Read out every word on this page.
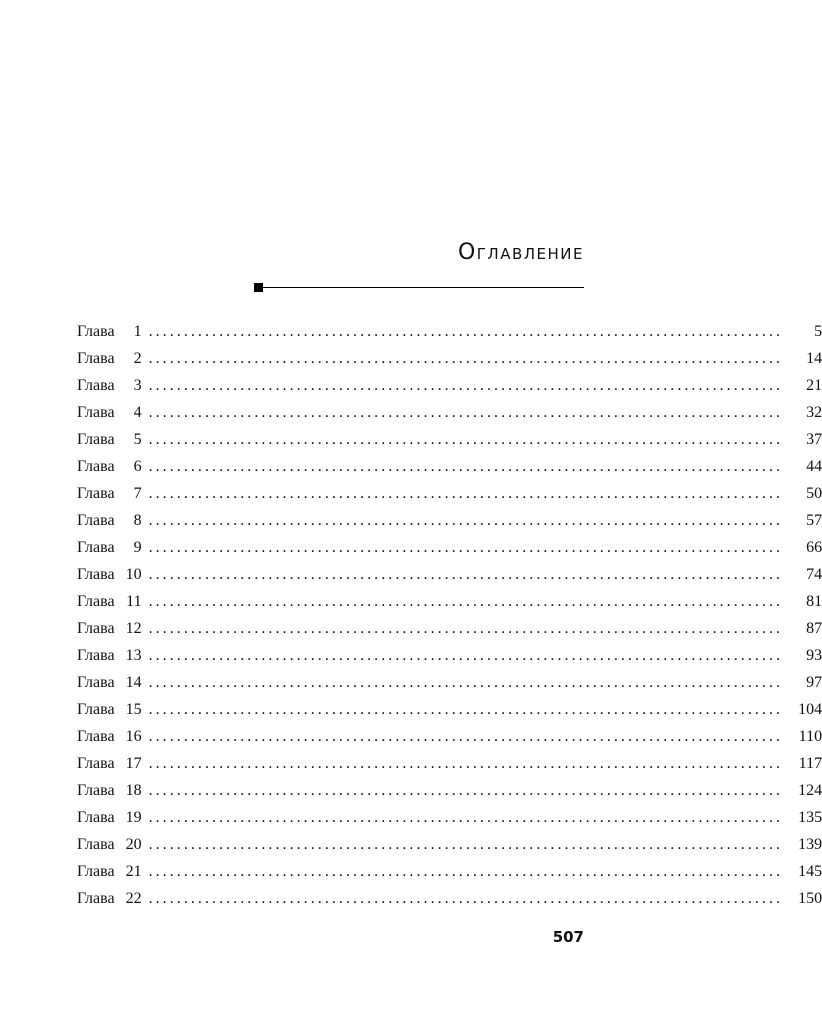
Оглавление
Глава	1 ..........................................................................................	5
Глава	2 ..........................................................................................	14
Глава	3 ..........................................................................................	21
Глава	4 ..........................................................................................	32
Глава	5 ..........................................................................................	37
Глава	6 ..........................................................................................	44
Глава	7 ..........................................................................................	50
Глава	8 ..........................................................................................	57
Глава	9 ..........................................................................................	66
Глава 10 ..........................................................................................	74
Глава 11 ..........................................................................................	81
Глава 12 ..........................................................................................	87
Глава 13 ..........................................................................................	93
Глава 14 ..........................................................................................	97
Глава 15 .......................................................................................... 104
Глава 16 .......................................................................................... 110
Глава 17 .......................................................................................... 117
Глава 18 .......................................................................................... 124
Глава 19 .......................................................................................... 135
Глава 20 .......................................................................................... 139
Глава 21 .......................................................................................... 145
Глава 22 .......................................................................................... 150
507
